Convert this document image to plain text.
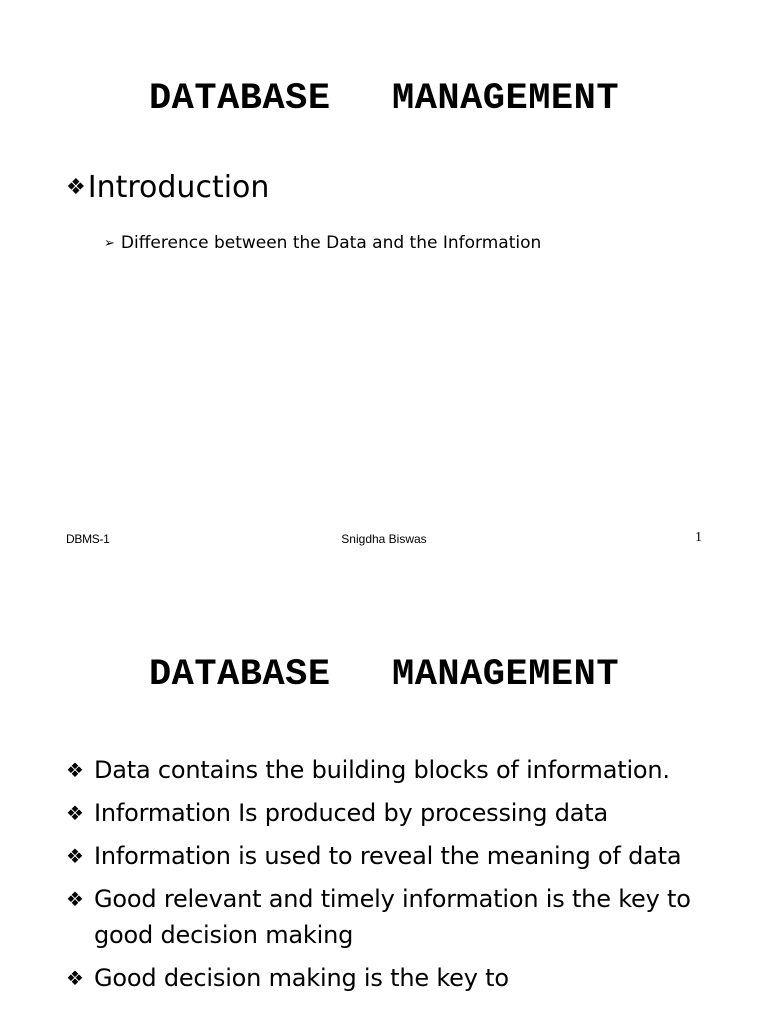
DATABASE  MANAGEMENT
❖Introduction
➢ Difference between the Data and the Information
DBMS-1	Snigdha Biswas	1
DATABASE  MANAGEMENT
❖ Data contains the building blocks of information.
❖ Information Is produced by processing data
❖ Information is used to reveal the meaning of data
❖ Good relevant and timely information is the key to good decision making
❖ Good decision making is the key to
